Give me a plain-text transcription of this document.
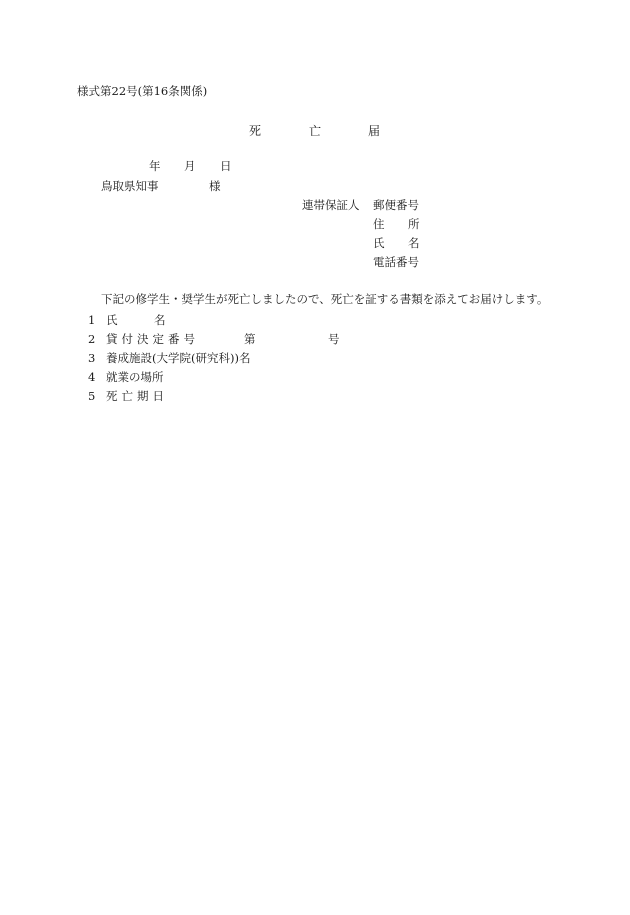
様式第22号(第16条関係)
死	亡	届
年 月 日
鳥取県知事	様
連帯保証人 郵便番号
住 所
氏 名
電話番号
下記の修学生・奨学生が死亡しましたので、死亡を証する書類を添えてお届けします。
1 氏	名
2 貸付決定番号	第	号
3 養成施設(大学院(研究科))名
4 就業の場所
5 死亡期日
